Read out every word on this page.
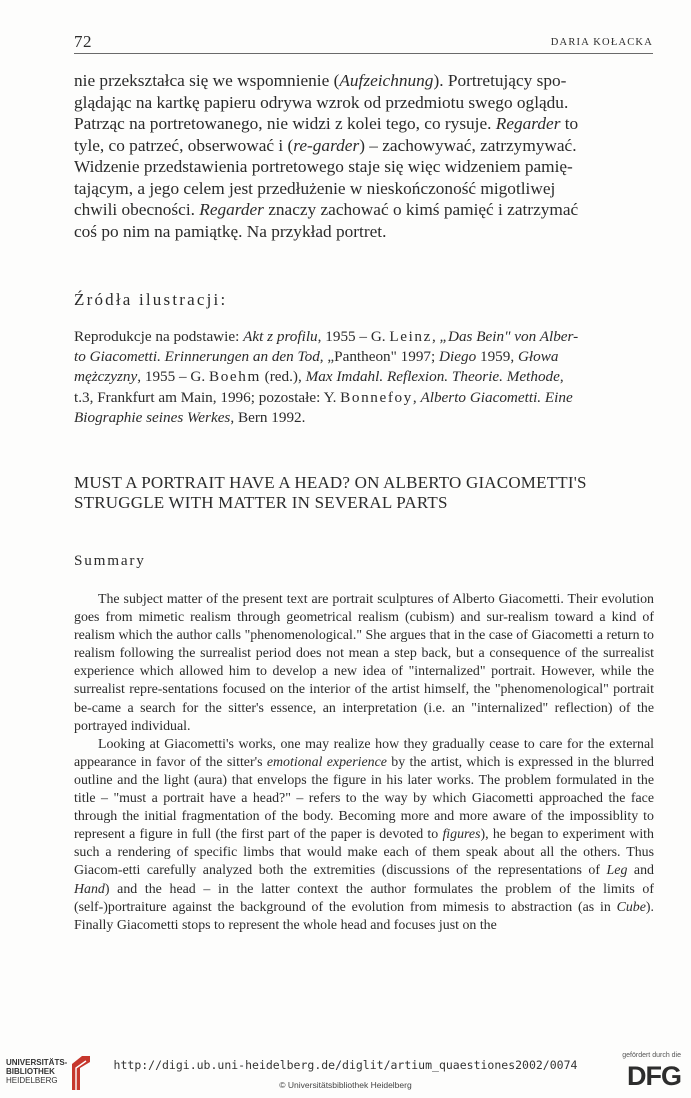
72	DARIA KOŁACKA

nie przekształca się we wspomnienie (Aufzeichnung). Portretujący spo-

glądając na kartkę papieru odrywa wzrok od przedmiotu swego oglądu.

Patrząc na portretowanego, nie widzi z kolei tego, co rysuje. Regarder to

tyle, co patrzeć, obserwować i (re-garder) – zachowywać, zatrzymywać.

Widzenie przedstawienia portretowego staje się więc widzeniem pamię-

tającym, a jego celem jest przedłużenie w nieskończoność migotliwej

chwili obecności. Regarder znaczy zachować o kimś pamięć i zatrzymać

coś po nim na pamiątkę. Na przykład portret.

Źródła ilustracji:

Reprodukcje na podstawie: Akt z profilu, 1955 – G. Leinz, „Das Bein" von Alber-

to Giacometti. Erinnerungen an den Tod, „Pantheon" 1997; Diego 1959, Głowa

mężczyzny, 1955 – G. Boehm (red.), Max Imdahl. Reflexion. Theorie. Methode,

t.3, Frankfurt am Main, 1996; pozostałe: Y. Bonnefoy, Alberto Giacometti. Eine

Biographie seines Werkes, Bern 1992.

MUST A PORTRAIT HAVE A HEAD? ON ALBERTO GIACOMETTI'S
STRUGGLE WITH MATTER IN SEVERAL PARTS
Summary

The subject matter of the present text are portrait sculptures of Alberto Giacometti. Their evolution goes from mimetic realism through geometrical realism (cubism) and sur-realism toward a kind of realism which the author calls "phenomenological." She argues that in the case of Giacometti a return to realism following the surrealist period does not mean a step back, but a consequence of the surrealist experience which allowed him to develop a new idea of "internalized" portrait. However, while the surrealist repre-sentations focused on the interior of the artist himself, the "phenomenological" portrait be-came a search for the sitter's essence, an interpretation (i.e. an "internalized" reflection) of the portrayed individual.

Looking at Giacometti's works, one may realize how they gradually cease to care for the external appearance in favor of the sitter's emotional experience by the artist, which is expressed in the blurred outline and the light (aura) that envelops the figure in his later works. The problem formulated in the title – "must a portrait have a head?" – refers to the way by which Giacometti approached the face through the initial fragmentation of the body. Becoming more and more aware of the impossiblity to represent a figure in full (the first part of the paper is devoted to figures), he began to experiment with such a rendering of specific limbs that would make each of them speak about all the others. Thus Giacom-etti carefully analyzed both the extremities (discussions of the representations of Leg and Hand) and the head – in the latter context the author formulates the problem of the limits of (self-)portraiture against the background of the evolution from mimesis to abstraction (as in Cube). Finally Giacometti stops to represent the whole head and focuses just on the

UNIVERSITÄTS-
BIBLIOTHEK
HEIDELBERG
http://digi.ub.uni-heidelberg.de/diglit/artium_quaestiones2002/0074
© Universitätsbibliothek Heidelberg
gefördert durch die
DFG
